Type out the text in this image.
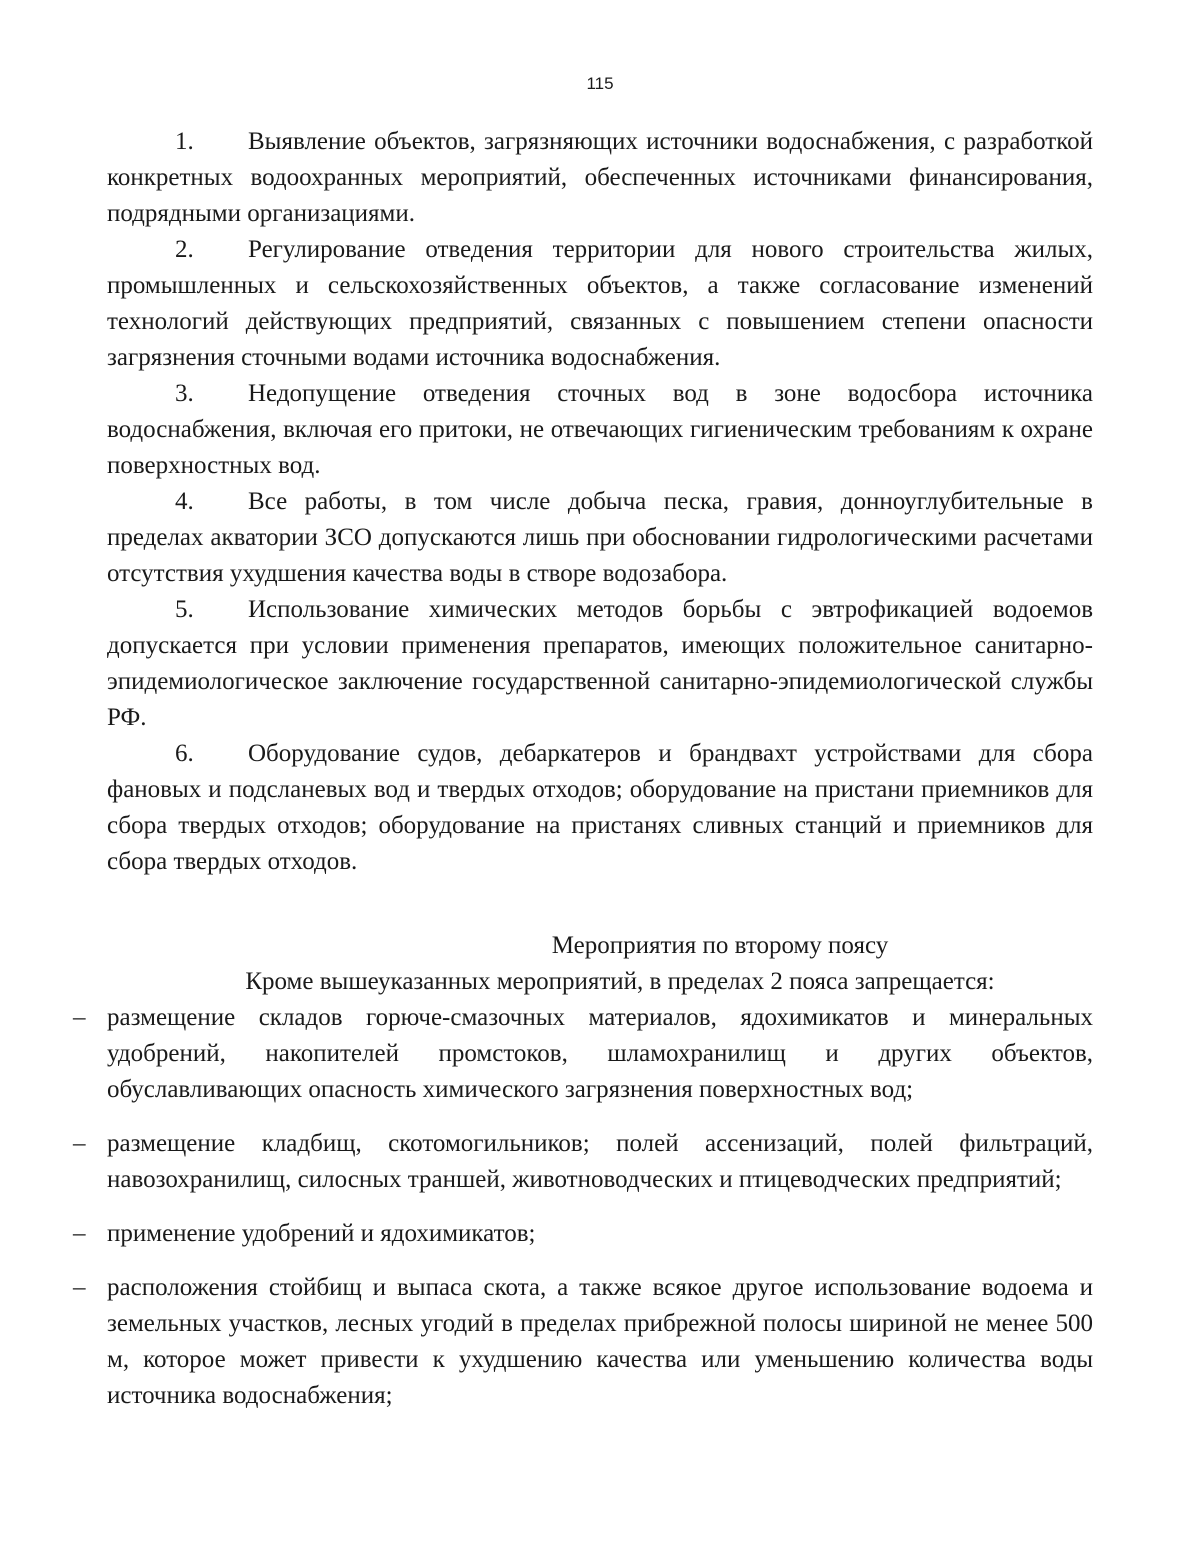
115

1. Выявление объектов, загрязняющих источники водоснабжения, с разработкой конкретных водоохранных мероприятий, обеспеченных источниками финансирования, подрядными организациями.

2. Регулирование отведения территории для нового строительства жилых, промышленных и сельскохозяйственных объектов, а также согласование изменений технологий действующих предприятий, связанных с повышением степени опасности загрязнения сточными водами источника водоснабжения.

3. Недопущение отведения сточных вод в зоне водосбора источника водоснабжения, включая его притоки, не отвечающих гигиеническим требованиям к охране поверхностных вод.

4. Все работы, в том числе добыча песка, гравия, донноуглубительные в пределах акватории ЗСО допускаются лишь при обосновании гидрологическими расчетами отсутствия ухудшения качества воды в створе водозабора.

5. Использование химических методов борьбы с эвтрофикацией водоемов допускается при условии применения препаратов, имеющих положительное санитарно-эпидемиологическое заключение государственной санитарно-эпидемиологической службы РФ.

6. Оборудование судов, дебаркатеров и брандвахт устройствами для сбора фановых и подсланевых вод и твердых отходов; оборудование на пристани приемников для сбора твердых отходов; оборудование на пристанях сливных станций и приемников для сбора твердых отходов.

Мероприятия по второму поясу

Кроме вышеуказанных мероприятий, в пределах 2 пояса запрещается:

– размещение складов горюче-смазочных материалов, ядохимикатов и минеральных удобрений, накопителей промстоков, шламохранилищ и других объектов, обуславливающих опасность химического загрязнения поверхностных вод;
– размещение кладбищ, скотомогильников; полей ассенизаций, полей фильтраций, навозохранилищ, силосных траншей, животноводческих и птицеводческих предприятий;
– применение удобрений и ядохимикатов;
– расположения стойбищ и выпаса скота, а также всякое другое использование водоема и земельных участков, лесных угодий в пределах прибрежной полосы шириной не менее 500 м, которое может привести к ухудшению качества или уменьшению количества воды источника водоснабжения;
